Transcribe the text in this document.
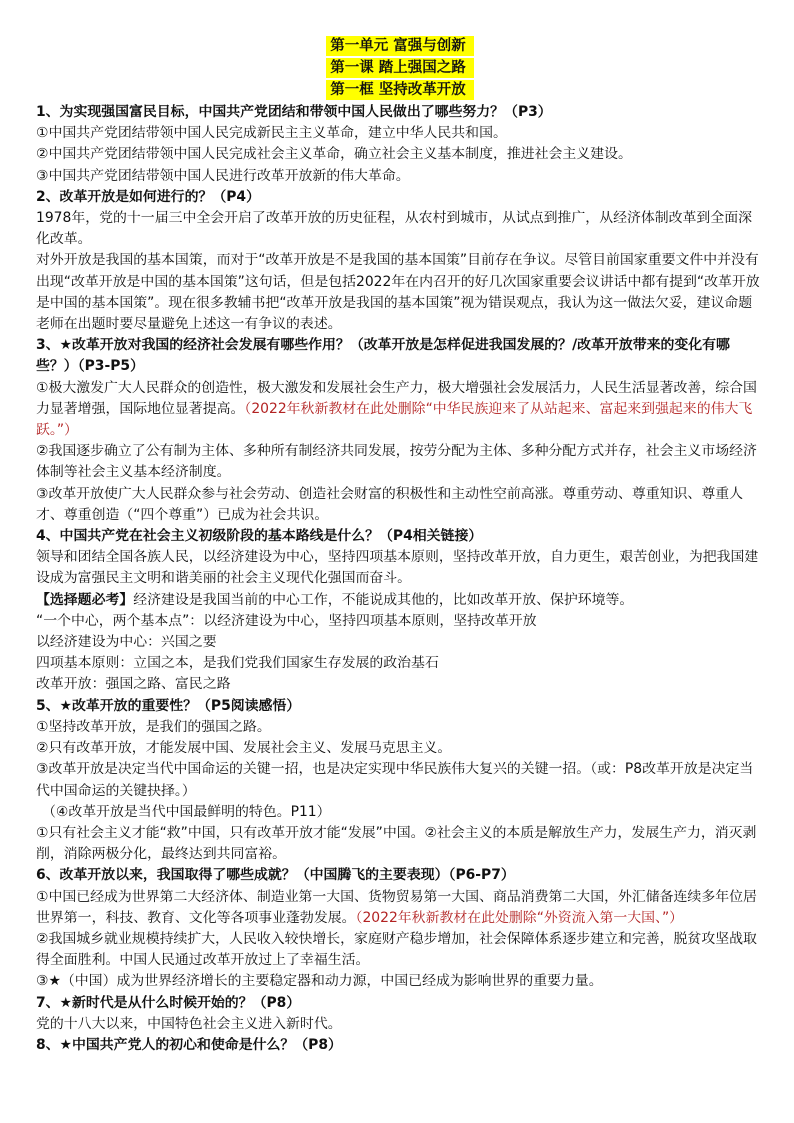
第一单元 富强与创新
第一课 踏上强国之路
第一框 坚持改革开放
1、为实现强国富民目标，中国共产党团结和带领中国人民做出了哪些努力？（P3）
①中国共产党团结带领中国人民完成新民主主义革命，建立中华人民共和国。
②中国共产党团结带领中国人民完成社会主义革命，确立社会主义基本制度，推进社会主义建设。
③中国共产党团结带领中国人民进行改革开放新的伟大革命。
2、改革开放是如何进行的？（P4）
1978年，党的十一届三中全会开启了改革开放的历史征程，从农村到城市，从试点到推广，从经济体制改革到全面深化改革。
对外开放是我国的基本国策，而对于“改革开放是不是我国的基本国策”目前存在争议。尽管目前国家重要文件中并没有出现“改革开放是中国的基本国策”这句话，但是包括2022年在内召开的好几次国家重要会议讲话中都有提到“改革开放是中国的基本国策”。现在很多教辅书把“改革开放是我国的基本国策”视为错误观点，我认为这一做法欠妥，建议命题老师在出题时要尽量避免上述这一有争议的表述。
3、★改革开放对我国的经济社会发展有哪些作用？（改革开放是怎样促进我国发展的？/改革开放带来的变化有哪些？）（P3-P5）
①极大激发广大人民群众的创造性，极大激发和发展社会生产力，极大增强社会发展活力，人民生活显著改善，综合国力显著增强，国际地位显著提高。（2022年秋新教材在此处删除“中华民族迎来了从站起来、富起来到强起来的伟大飞跃。”）
②我国逐步确立了公有制为主体、多种所有制经济共同发展，按劳分配为主体、多种分配方式并存，社会主义市场经济体制等社会主义基本经济制度。
③改革开放使广大人民群众参与社会劳动、创造社会财富的积极性和主动性空前高涨。尊重劳动、尊重知识、尊重人才、尊重创造（“四个尊重”）已成为社会共识。
4、中国共产党在社会主义初级阶段的基本路线是什么？（P4相关链接）
领导和团结全国各族人民，以经济建设为中心，坚持四项基本原则，坚持改革开放，自力更生，艰苦创业，为把我国建设成为富强民主文明和谐美丽的社会主义现代化强国而奋斗。
【选择题必考】经济建设是我国当前的中心工作，不能说成其他的，比如改革开放、保护环境等。
“一个中心，两个基本点”：以经济建设为中心，坚持四项基本原则，坚持改革开放
以经济建设为中心：兴国之要
四项基本原则：立国之本，是我们党我们国家生存发展的政治基石
改革开放：强国之路、富民之路
5、★改革开放的重要性？（P5阅读感悟）
①坚持改革开放，是我们的强国之路。
②只有改革开放，才能发展中国、发展社会主义、发展马克思主义。
③改革开放是决定当代中国命运的关键一招，也是决定实现中华民族伟大复兴的关键一招。（或：P8改革开放是决定当代中国命运的关键抉择。）
（④改革开放是当代中国最鲜明的特色。P11）
①只有社会主义才能“救”中国，只有改革开放才能“发展”中国。②社会主义的本质是解放生产力，发展生产力，消灭剥削，消除两极分化，最终达到共同富裕。
6、改革开放以来，我国取得了哪些成就？（中国腾飞的主要表现）（P6-P7）
①中国已经成为世界第二大经济体、制造业第一大国、货物贸易第一大国、商品消费第二大国，外汇储备连续多年位居世界第一，科技、教育、文化等各项事业蓬勃发展。（2022年秋新教材在此处删除“外资流入第一大国、”）
②我国城乡就业规模持续扩大，人民收入较快增长，家庭财产稳步增加，社会保障体系逐步建立和完善，脱贫攻坚战取得全面胜利。中国人民通过改革开放过上了幸福生活。
③★（中国）成为世界经济增长的主要稳定器和动力源，中国已经成为影响世界的重要力量。
7、★新时代是从什么时候开始的？（P8）
党的十八大以来，中国特色社会主义进入新时代。
8、★中国共产党人的初心和使命是什么？（P8）
